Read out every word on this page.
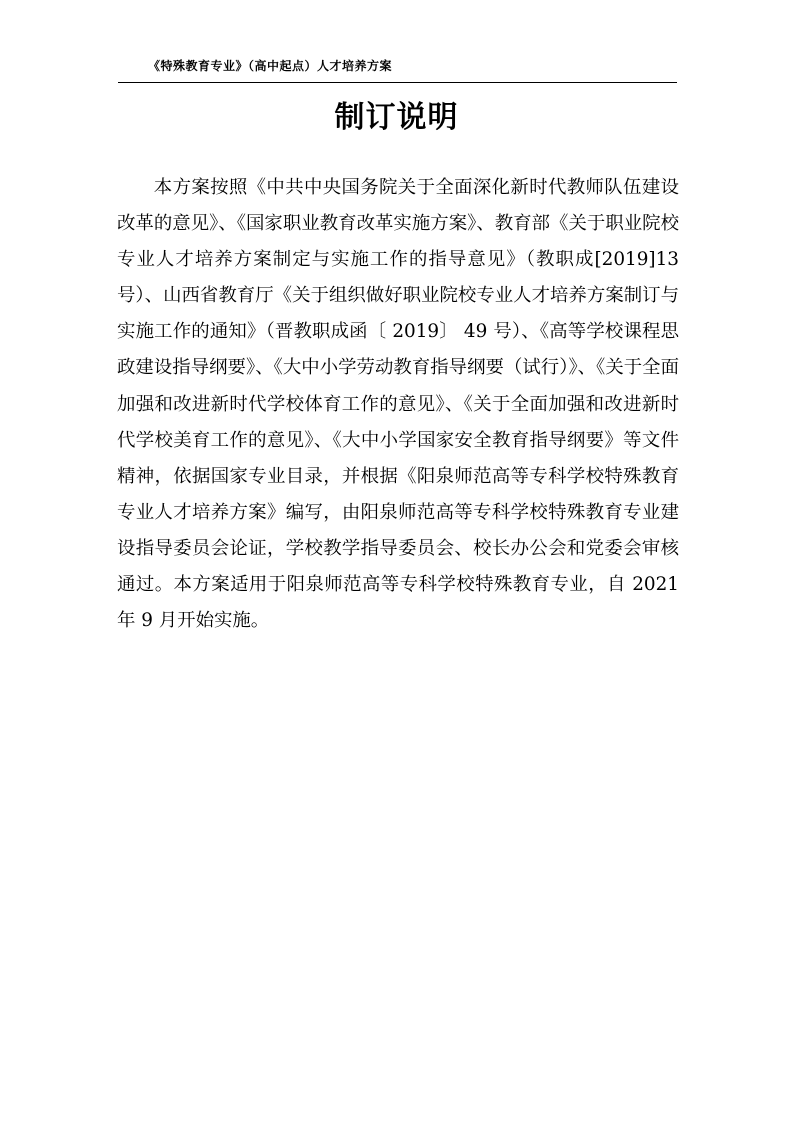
《特殊教育专业》（高中起点）人才培养方案
制订说明

本方案按照《中共中央国务院关于全面深化新时代教师队伍建设改革的意见》、《国家职业教育改革实施方案》、教育部《关于职业院校专业人才培养方案制定与实施工作的指导意见》（教职成[2019]13 号）、山西省教育厅《关于组织做好职业院校专业人才培养方案制订与实施工作的通知》（晋教职成函〔 2019〕 49 号）、《高等学校课程思政建设指导纲要》、《大中小学劳动教育指导纲要（试行）》、《关于全面加强和改进新时代学校体育工作的意见》、《关于全面加强和改进新时代学校美育工作的意见》、《大中小学国家安全教育指导纲要》等文件精神，依据国家专业目录，并根据《阳泉师范高等专科学校特殊教育专业人才培养方案》编写，由阳泉师范高等专科学校特殊教育专业建设指导委员会论证，学校教学指导委员会、校长办公会和党委会审核通过。本方案适用于阳泉师范高等专科学校特殊教育专业，自 2021 年 9 月开始实施。
